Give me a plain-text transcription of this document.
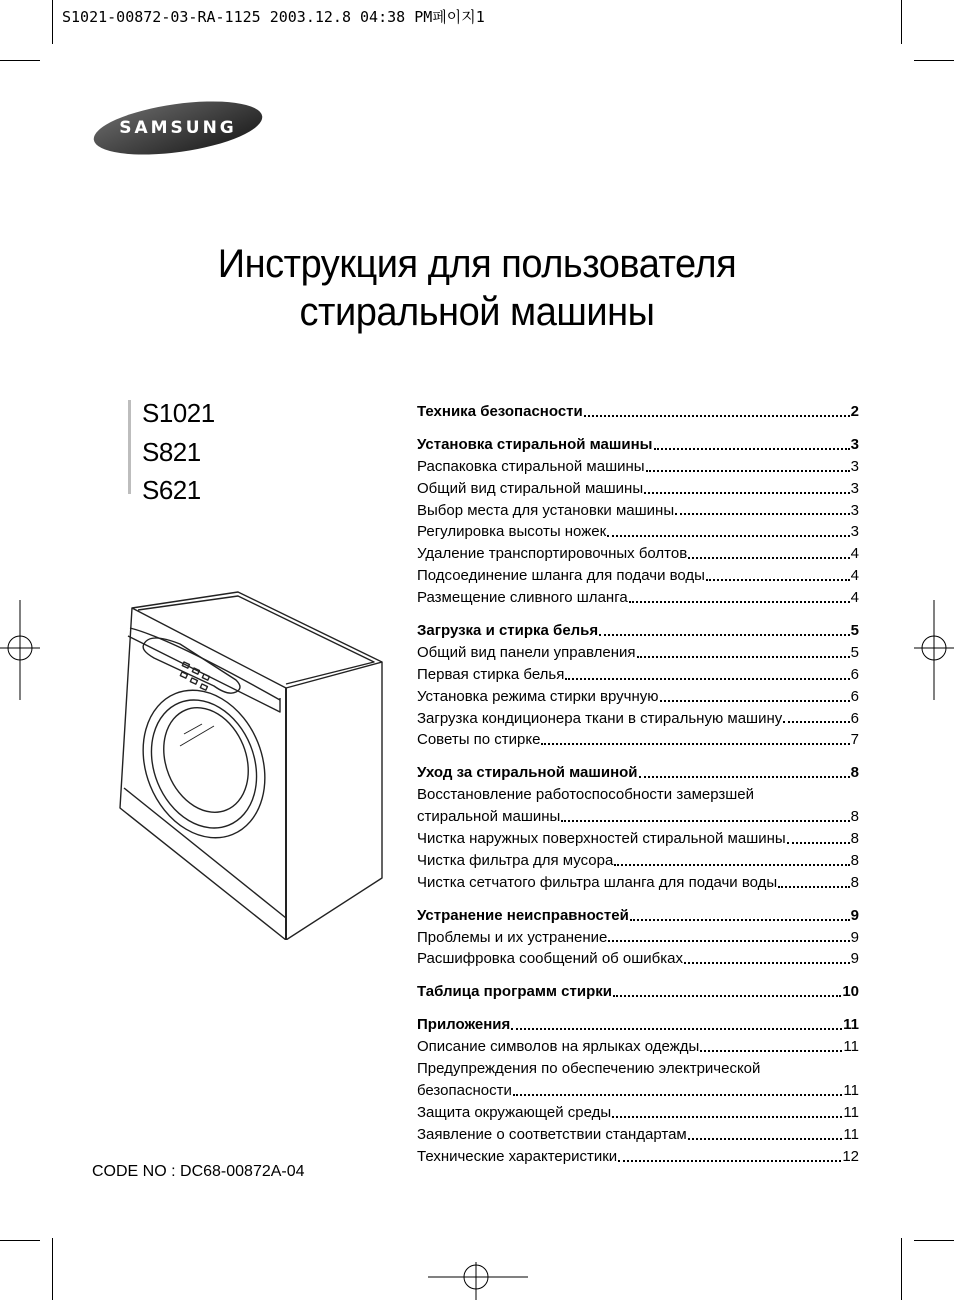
S1021-00872-03-RA-1125 2003.12.8 04:38 PM페이지1
SAMSUNG
Инструкция для пользователя
стиральной машины
S1021
S821
S621
Техника безопасности	2
Установка стиральной машины	3
Распаковка стиральной машины	3
Общий вид стиральной машины	3
Выбор места для установки машины	3
Регулировка высоты ножек	3
Удаление транспортировочных болтов	4
Подсоединение шланга для подачи воды	4
Размещение сливного шланга	4
Загрузка и стирка белья	5
Общий вид панели управления	5
Первая стирка белья	6
Установка режима стирки вручную	6
Загрузка кондиционера ткани в стиральную машину	6
Советы по стирке	7
Уход за стиральной машиной	8
Восстановление работоспособности замерзшей
стиральной машины	8
Чистка наружных поверхностей стиральной машины	8
Чистка фильтра для мусора	8
Чистка сетчатого фильтра шланга для подачи воды	8
Устранение неисправностей	9
Проблемы и их устранение	9
Расшифровка сообщений об ошибках	9
Таблица программ стирки	10
Приложения	11
Описание символов на ярлыках одежды	11
Предупреждения по обеспечению электрической
безопасности	11
Защита окружающей среды	11
Заявление о соответствии стандартам	11
Технические характеристики	12
CODE NO : DC68-00872A-04
